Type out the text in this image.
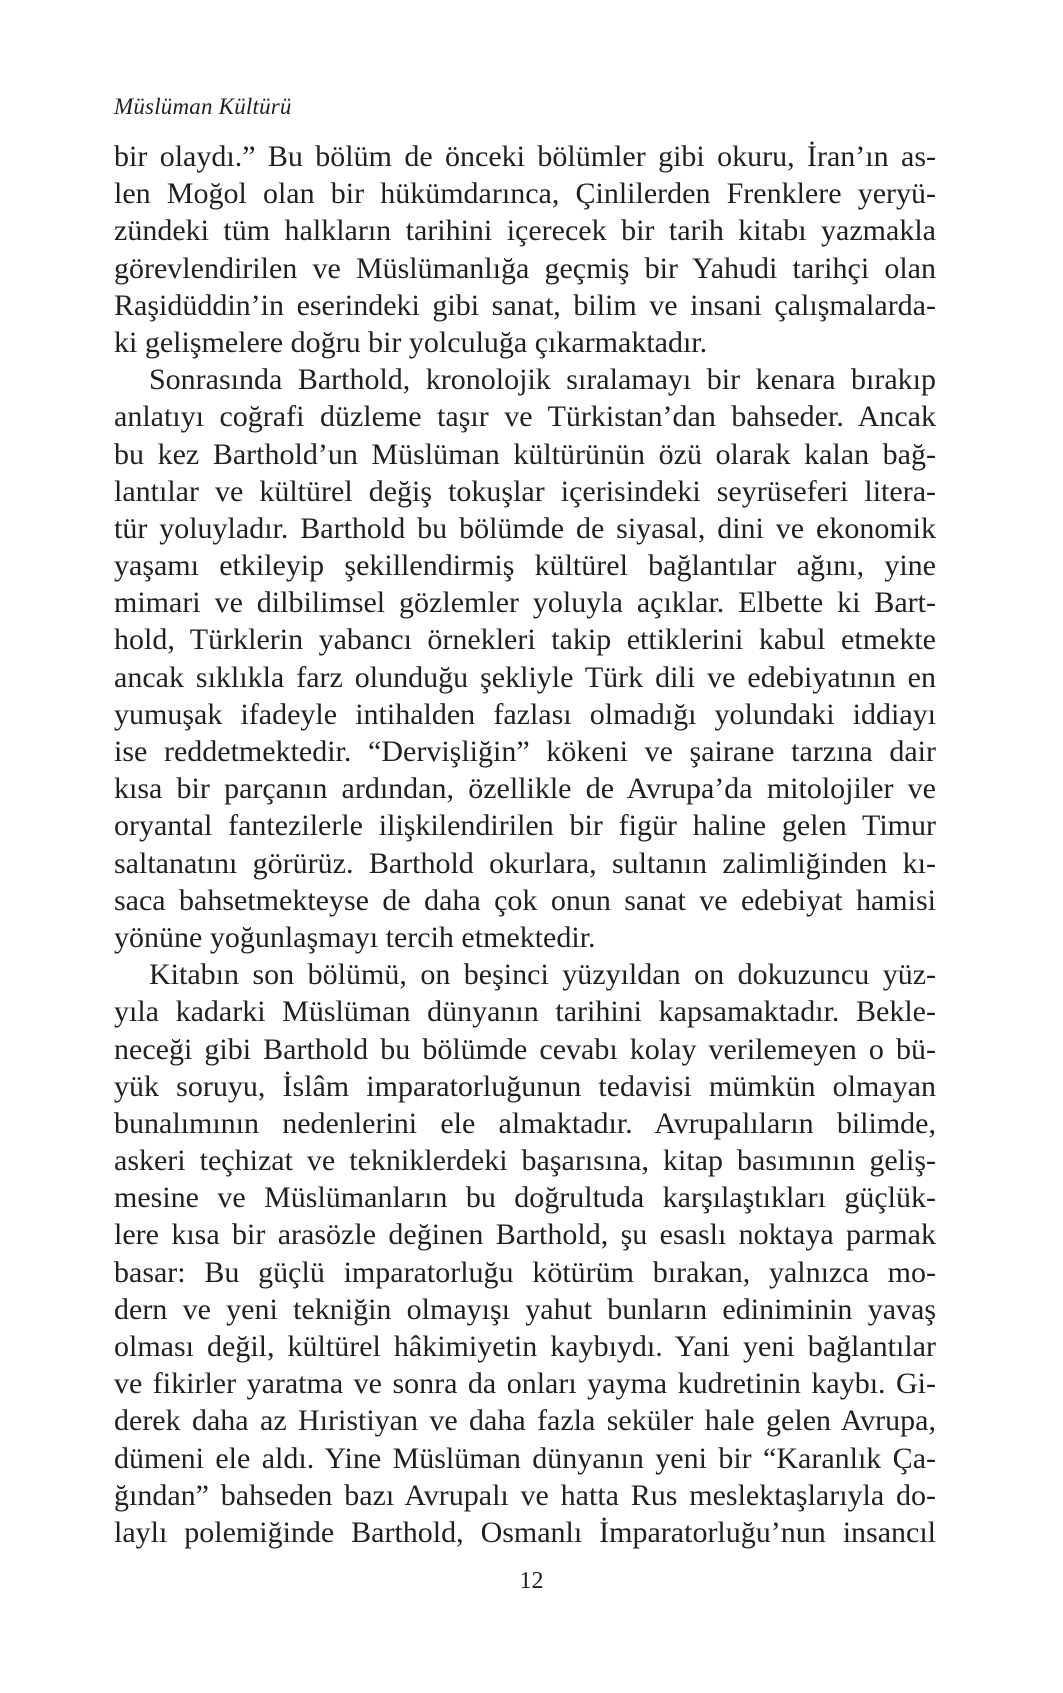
Müslüman Kültürü
bir olaydı.” Bu bölüm de önceki bölümler gibi okuru, İran’ın as-
len Moğol olan bir hükümdarınca, Çinlilerden Frenklere yeryü-
zündeki tüm halkların tarihini içerecek bir tarih kitabı yazmakla
görevlendirilen ve Müslümanlığa geçmiş bir Yahudi tarihçi olan
Raşidüddin’in eserindeki gibi sanat, bilim ve insani çalışmalarda-
ki gelişmelere doğru bir yolculuğa çıkarmaktadır.
Sonrasında Barthold, kronolojik sıralamayı bir kenara bırakıp
anlatıyı coğrafi düzleme taşır ve Türkistan’dan bahseder. Ancak
bu kez Barthold’un Müslüman kültürünün özü olarak kalan bağ-
lantılar ve kültürel değiş tokuşlar içerisindeki seyrüseferi litera-
tür yoluyladır. Barthold bu bölümde de siyasal, dini ve ekonomik
yaşamı etkileyip şekillendirmiş kültürel bağlantılar ağını, yine
mimari ve dilbilimsel gözlemler yoluyla açıklar. Elbette ki Bart-
hold, Türklerin yabancı örnekleri takip ettiklerini kabul etmekte
ancak sıklıkla farz olunduğu şekliyle Türk dili ve edebiyatının en
yumuşak ifadeyle intihalden fazlası olmadığı yolundaki iddiayı
ise reddetmektedir. “Dervişliğin” kökeni ve şairane tarzına dair
kısa bir parçanın ardından, özellikle de Avrupa’da mitolojiler ve
oryantal fantezilerle ilişkilendirilen bir figür haline gelen Timur
saltanatını görürüz. Barthold okurlara, sultanın zalimliğinden kı-
saca bahsetmekteyse de daha çok onun sanat ve edebiyat hamisi
yönüne yoğunlaşmayı tercih etmektedir.
Kitabın son bölümü, on beşinci yüzyıldan on dokuzuncu yüz-
yıla kadarki Müslüman dünyanın tarihini kapsamaktadır. Bekle-
neceği gibi Barthold bu bölümde cevabı kolay verilemeyen o bü-
yük soruyu, İslâm imparatorluğunun tedavisi mümkün olmayan
bunalımının nedenlerini ele almaktadır. Avrupalıların bilimde,
askeri teçhizat ve tekniklerdeki başarısına, kitap basımının geliş-
mesine ve Müslümanların bu doğrultuda karşılaştıkları güçlük-
lere kısa bir arasözle değinen Barthold, şu esaslı noktaya parmak
basar: Bu güçlü imparatorluğu kötürüm bırakan, yalnızca mo-
dern ve yeni tekniğin olmayışı yahut bunların ediniminin yavaş
olması değil, kültürel hâkimiyetin kaybıydı. Yani yeni bağlantılar
ve fikirler yaratma ve sonra da onları yayma kudretinin kaybı. Gi-
derek daha az Hıristiyan ve daha fazla seküler hale gelen Avrupa,
dümeni ele aldı. Yine Müslüman dünyanın yeni bir “Karanlık Ça-
ğından” bahseden bazı Avrupalı ve hatta Rus meslektaşlarıyla do-
laylı polemiğinde Barthold, Osmanlı İmparatorluğu’nun insancıl
12
